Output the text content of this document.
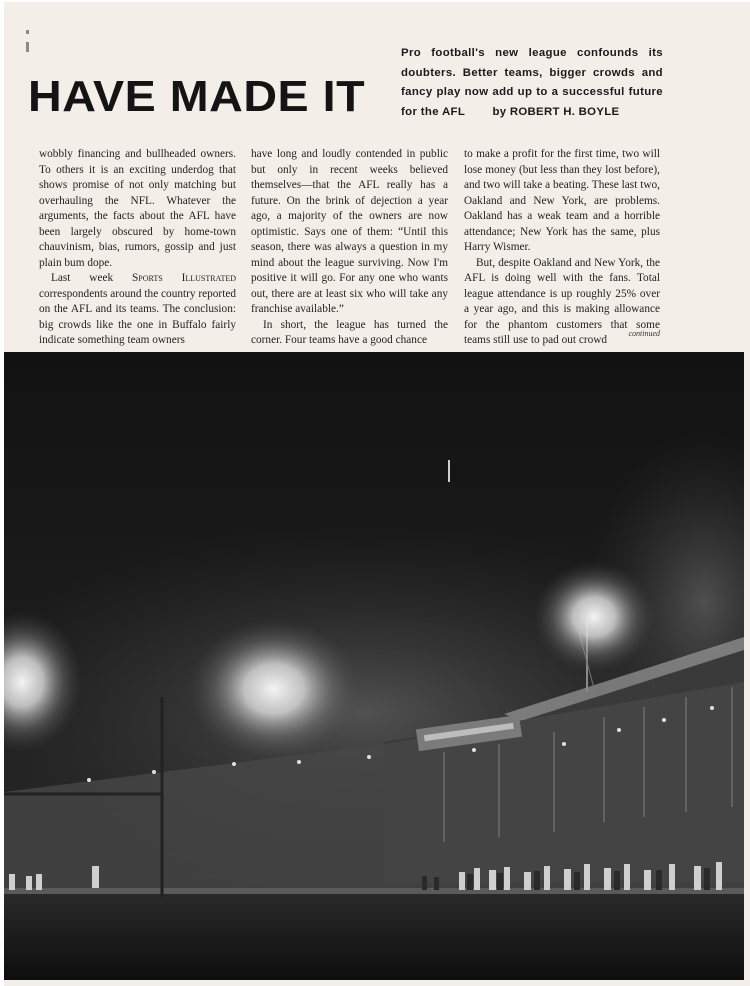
HAVE MADE IT
Pro football's new league confounds its doubters. Better teams, bigger crowds and fancy play now add up to a successful future for the AFL by ROBERT H. BOYLE

wobbly financing and bullheaded owners. To others it is an exciting underdog that shows promise of not only matching but overhauling the NFL. Whatever the arguments, the facts about the AFL have been largely obscured by home-town chauvinism, bias, rumors, gossip and just plain bum dope.

Last week Sports Illustrated correspondents around the country reported on the AFL and its teams. The conclusion: big crowds like the one in Buffalo fairly indicate something team owners

have long and loudly contended in public but only in recent weeks believed themselves—that the AFL really has a future. On the brink of dejection a year ago, a majority of the owners are now optimistic. Says one of them: “Until this season, there was always a question in my mind about the league surviving. Now I'm positive it will go. For any one who wants out, there are at least six who will take any franchise available.”

In short, the league has turned the corner. Four teams have a good chance

to make a profit for the first time, two will lose money (but less than they lost before), and two will take a beating. These last two, Oakland and New York, are problems. Oakland has a weak team and a horrible attendance; New York has the same, plus Harry Wismer.

But, despite Oakland and New York, the AFL is doing well with the fans. Total league attendance is up roughly 25% over a year ago, and this is making allowance for the phantom customers that some teams still use to pad out crowd

continued
